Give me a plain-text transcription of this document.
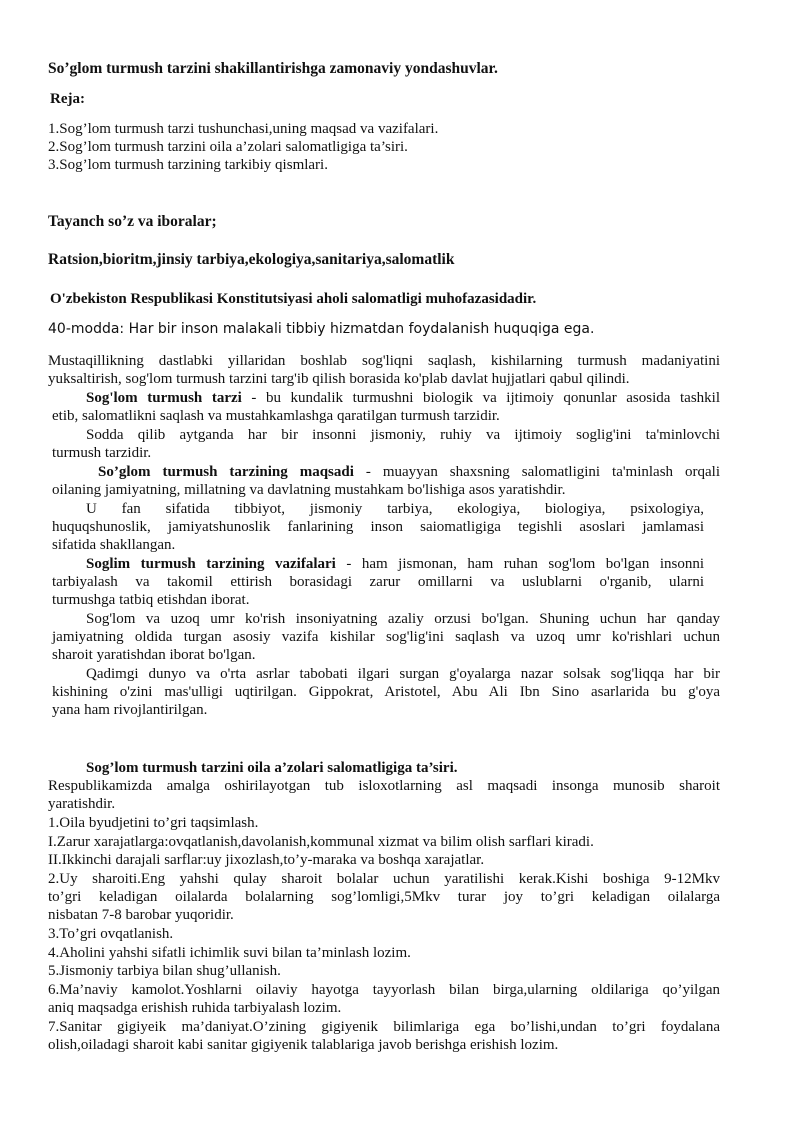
So’glom turmush tarzini shakillantirishga zamonaviy yondashuvlar.
Reja:
1.Sog’lom turmush tarzi tushunchasi,uning maqsad va vazifalari.
2.Sog’lom turmush tarzini oila a’zolari salomatligiga ta’siri.
3.Sog’lom turmush tarzining tarkibiy qismlari.
Tayanch so’z va iboralar;
Ratsion,bioritm,jinsiy tarbiya,ekologiya,sanitariya,salomatlik
O'zbekiston Respublikasi Konstitutsiyasi aholi salomatligi muhofazasidadir.
40-modda: Har bir inson malakali tibbiy hizmatdan foydalanish huquqiga ega.
Mustaqillikning dastlabki yillaridan boshlab sog'liqni saqlash, kishilarning turmush madaniyatini
yuksaltirish, sog'lom turmush tarzini targ'ib qilish borasida ko'plab davlat hujjatlari qabul qilindi.
Sog'lom turmush tarzi - bu kundalik turmushni biologik va ijtimoiy qonunlar asosida tashkil
etib, salomatlikni saqlash va mustahkamlashga qaratilgan turmush tarzidir.
Sodda qilib aytganda har bir insonni jismoniy, ruhiy va ijtimoiy soglig'ini ta'minlovchi
turmush tarzidir.
So’glom turmush tarzining maqsadi - muayyan shaxsning salomatligini ta'minlash orqali
oilaning jamiyatning, millatning va davlatning mustahkam bo'lishiga asos yaratishdir.
U fan sifatida tibbiyot, jismoniy tarbiya, ekologiya, biologiya, psixologiya,
huquqshunoslik, jamiyatshunoslik fanlarining inson saiomatligiga tegishli asoslari jamlamasi
sifatida shakllangan.
Soglim turmush tarzining vazifalari - ham jismonan, ham ruhan sog'lom bo'lgan insonni
tarbiyalash va takomil ettirish borasidagi zarur omillarni va uslublarni o'rganib, ularni
turmushga tatbiq etishdan iborat.
Sog'lom va uzoq umr ko'rish insoniyatning azaliy orzusi bo'lgan. Shuning uchun har qanday
jamiyatning oldida turgan asosiy vazifa kishilar sog'lig'ini saqlash va uzoq umr ko'rishlari uchun
sharoit yaratishdan iborat bo'lgan.
Qadimgi dunyo va o'rta asrlar tabobati ilgari surgan g'oyalarga nazar solsak sog'liqqa har bir
kishining o'zini mas'ulligi uqtirilgan. Gippokrat, Aristotel, Abu Ali Ibn Sino asarlarida bu g'oya
yana ham rivojlantirilgan.
Sog’lom turmush tarzini oila a’zolari salomatligiga ta’siri.
Respublikamizda amalga oshirilayotgan tub isloxotlarning asl maqsadi insonga munosib sharoit
yaratishdir.
1.Oila byudjetini to’gri taqsimlash.
I.Zarur xarajatlarga:ovqatlanish,davolanish,kommunal xizmat va bilim olish sarflari kiradi.
II.Ikkinchi darajali sarflar:uy jixozlash,to’y-maraka va boshqa xarajatlar.
2.Uy sharoiti.Eng yahshi qulay sharoit bolalar uchun yaratilishi kerak.Kishi boshiga 9-12Mkv
to’gri keladigan oilalarda bolalarning sog’lomligi,5Mkv turar joy to’gri keladigan oilalarga
nisbatan 7-8 barobar yuqoridir.
3.To’gri ovqatlanish.
4.Aholini yahshi sifatli ichimlik suvi bilan ta’minlash lozim.
5.Jismoniy tarbiya bilan shug’ullanish.
6.Ma’naviy kamolot.Yoshlarni oilaviy hayotga tayyorlash bilan birga,ularning oldilariga qo’yilgan
aniq maqsadga erishish ruhida tarbiyalash lozim.
7.Sanitar gigiyeik ma’daniyat.O’zining gigiyenik bilimlariga ega bo’lishi,undan to’gri foydalana
olish,oiladagi sharoit kabi sanitar gigiyenik talablariga javob berishga erishish lozim.
